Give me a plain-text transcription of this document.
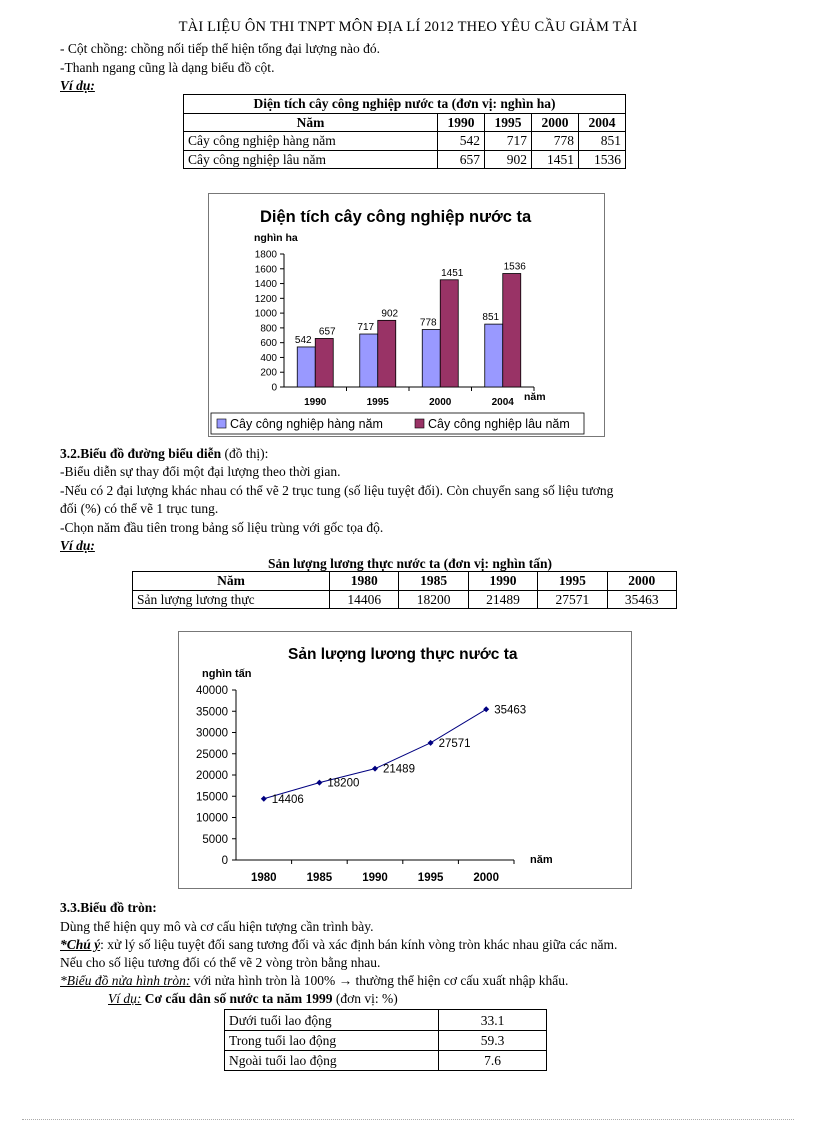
TÀI LIỆU ÔN THI TNPT MÔN ĐỊA LÍ 2012 THEO YÊU CẦU GIẢM TẢI
- Cột chồng: chồng nối tiếp thể hiện tổng đại lượng nào đó.
-Thanh ngang cũng là dạng biểu đồ cột.
Ví dụ:
Diện tích cây công nghiệp nước ta (đơn vị: nghìn ha)				
Năm	1990	1995	2000	2004
Cây công nghiệp hàng năm	542	717	778	851
Cây công nghiệp lâu năm	657	902	1451	1536
Diện tích cây công nghiệp nước ta
nghìn ha
năm
0
200
400
600
800
1000
1200
1400
1600
1800
1990
542
657
1995
717
902
2000
778
1451
2004
851
1536
Cây công nghiệp hàng năm	Cây công nghiệp lâu năm
3.2.Biểu đồ đường biểu diễn (đồ thị):
-Biểu diễn sự thay đổi một đại lượng theo thời gian.
-Nếu có 2 đại lượng khác nhau có thể vẽ 2 trục tung (số liệu tuyệt đối). Còn chuyển sang số liệu tương
đối (%) có thể vẽ 1 trục tung.
-Chọn năm đầu tiên trong bảng số liệu trùng với gốc tọa độ.
Ví dụ:
Sản lượng lương thực nước ta (đơn vị: nghìn tấn)
Năm	1980	1985	1990	1995	2000
Sản lượng lương thực	14406	18200	21489	27571	35463
Sản lượng lương thực nước ta
nghìn tấn
năm
0
5000
10000
15000
20000
25000
30000
35000
40000
1980	1985	1990	1995	2000
14406
18200
21489
27571
35463
3.3.Biểu đồ tròn:
Dùng thể hiện quy mô và cơ cấu hiện tượng cần trình bày.
*Chú ý: xử lý số liệu tuyệt đối sang tương đối và xác định bán kính vòng tròn khác nhau giữa các năm.
Nếu cho số liệu tương đối có thể vẽ 2 vòng tròn bằng nhau.
*Biểu đồ nửa hình tròn: với nửa hình tròn là 100% → thường thể hiện cơ cấu xuất nhập khẩu.
Ví dụ: Cơ cấu dân số nước ta năm 1999 (đơn vị: %)
Dưới tuổi lao động	33.1
Trong tuổi lao động	59.3
Ngoài tuổi lao động	7.6
